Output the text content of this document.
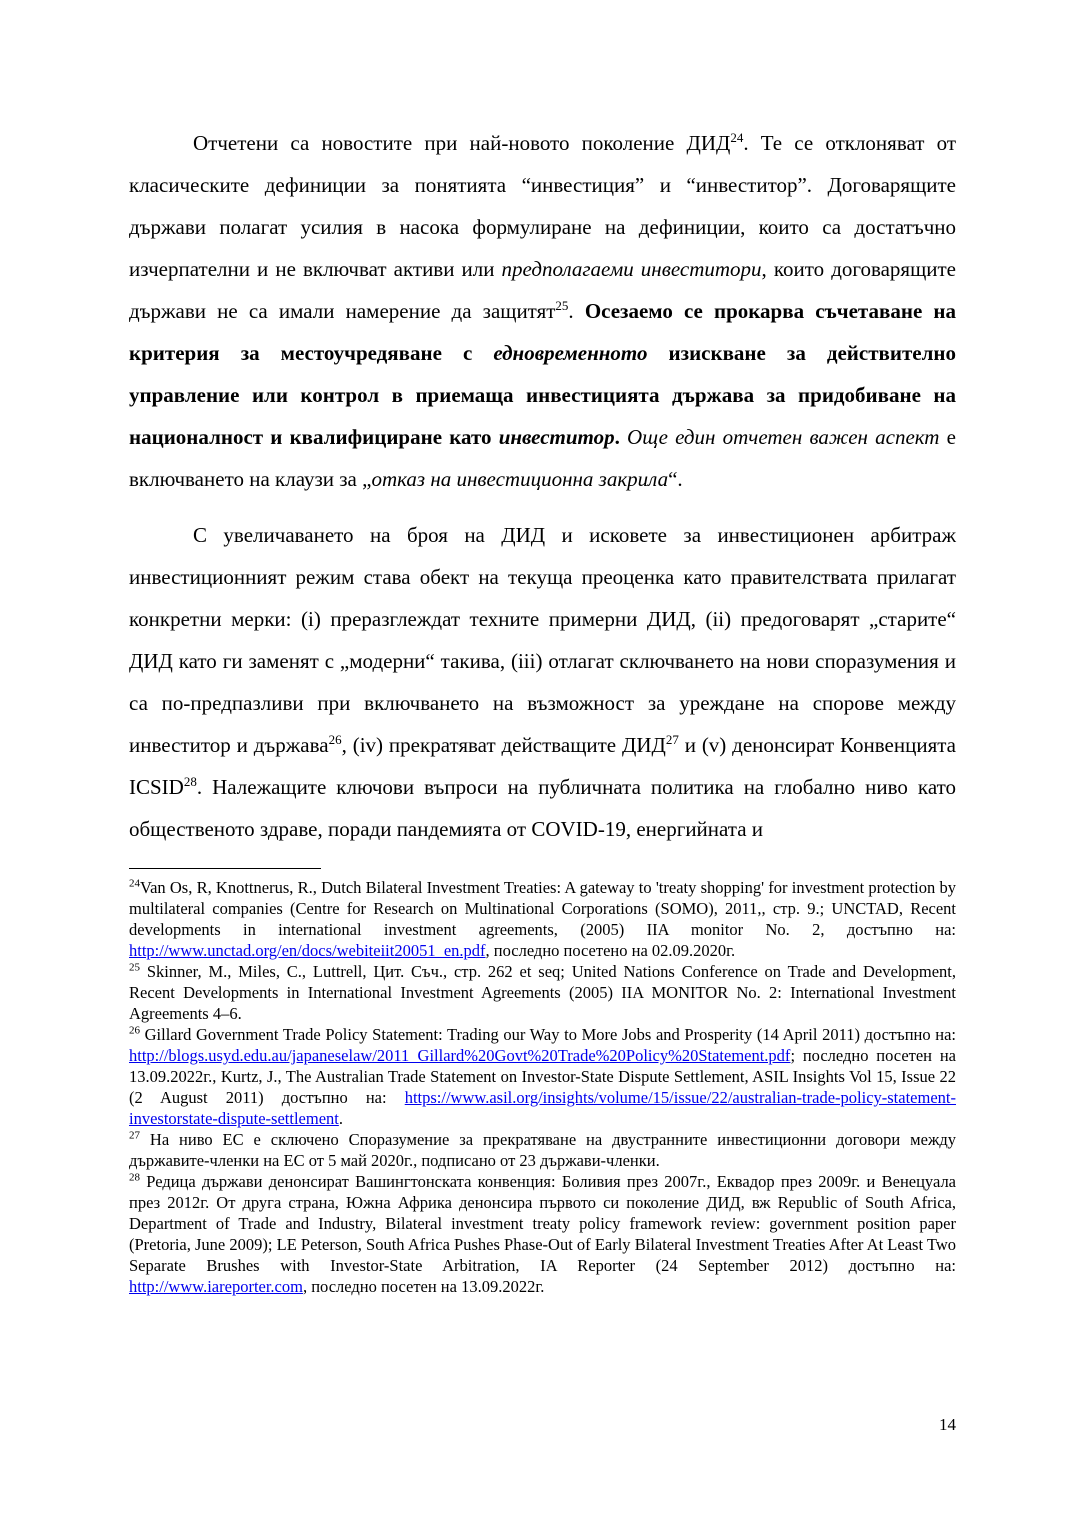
Отчетени са новостите при най-новото поколение ДИД$^{24}$. Те се отклоняват от класическите дефиниции за понятията “инвестиция” и “инвеститор”. Договарящите държави полагат усилия в насока формулиране на дефиниции, които са достатъчно изчерпателни и не включват активи или предполагаеми инвеститори, които договарящите държави не са имали намерение да защитят$^{25}$. Осезаемо се прокарва съчетаване на критерия за местоучредяване с едновременното изискване за действително управление или контрол в приемаща инвестицията държава за придобиване на националност и квалифициране като инвеститор. Още един отчетен важен аспект е включването на клаузи за „отказ на инвестиционна закрила“.

С увеличаването на броя на ДИД и исковете за инвестиционен арбитраж инвестиционният режим става обект на текуща преоценка като правителствата прилагат конкретни мерки: (i) преразглеждат техните примерни ДИД, (ii) предоговарят „старите“ ДИД като ги заменят с „модерни“ такива, (iii) отлагат сключването на нови споразумения и са по-предпазливи при включването на възможност за уреждане на спорове между инвеститор и държава$^{26}$, (iv) прекратяват действащите ДИД$^{27}$ и (v) денонсират Конвенцията ICSID$^{28}$. Належащите ключови въпроси на публичната политика на глобално ниво като общественото здраве, поради пандемията от COVID-19, енергийната и

$^{24}$Van Os, R, Knottnerus, R., Dutch Bilateral Investment Treaties: A gateway to 'treaty shopping' for investment protection by multilateral companies (Centre for Research on Multinational Corporations (SOMO), 2011,, стр. 9.; UNCTAD, Recent developments in international investment agreements, (2005) IIA monitor No. 2, достъпно на: http://www.unctad.org/en/docs/webiteiit20051_en.pdf, последно посетено на 02.09.2020г.

$^{25}$ Skinner, M., Miles, C., Luttrell, Цит. Съч., стр. 262 et seq; United Nations Conference on Trade and Development, Recent Developments in International Investment Agreements (2005) IIA MONITOR No. 2: International Investment Agreements 4–6.

$^{26}$ Gillard Government Trade Policy Statement: Trading our Way to More Jobs and Prosperity (14 April 2011) достъпно на: http://blogs.usyd.edu.au/japaneselaw/2011_Gillard%20Govt%20Trade%20Policy%20Statement.pdf; последно посетен на 13.09.2022г., Kurtz, J., The Australian Trade Statement on Investor-State Dispute Settlement, ASIL Insights Vol 15, Issue 22 (2 August 2011) достъпно на: https://www.asil.org/insights/volume/15/issue/22/australian-trade-policy-statement-investorstate-dispute-settlement.

$^{27}$ На ниво ЕС е сключено Споразумение за прекратяване на двустранните инвестиционни договори между държавите-членки на ЕС от 5 май 2020г., подписано от 23 държави-членки.

$^{28}$ Редица държави денонсират Вашингтонската конвенция: Боливия през 2007г., Еквадор през 2009г. и Венецуала през 2012г. От друга страна, Южна Африка денонсира първото си поколение ДИД, вж Republic of South Africa, Department of Trade and Industry, Bilateral investment treaty policy framework review: government position paper (Pretoria, June 2009); LE Peterson, South Africa Pushes Phase-Out of Early Bilateral Investment Treaties After At Least Two Separate Brushes with Investor-State Arbitration, IA Reporter (24 September 2012) достъпно на: http://www.iareporter.com, последно посетен на 13.09.2022г.

14
